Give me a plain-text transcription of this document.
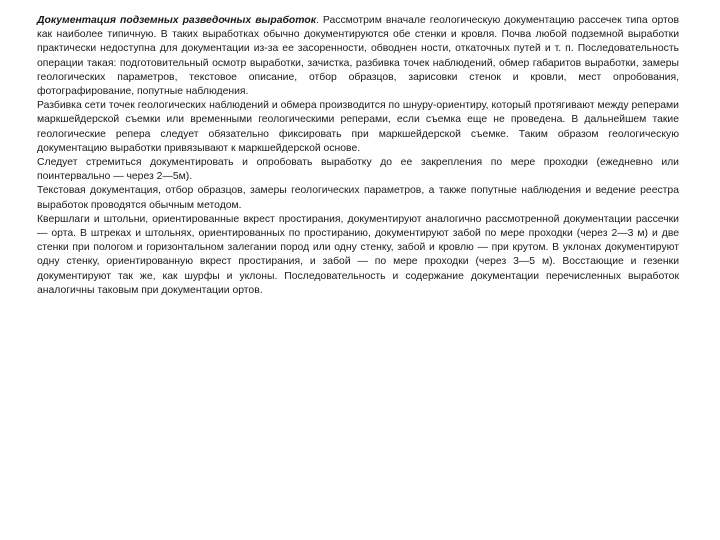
Документация подземных разведочных выработок. Рассмотрим вначале геологическую документацию рассечек типа ортов как наиболее типичную. В таких выработках обычно документируются обе стенки и кровля. Почва любой подземной выработки практически недоступна для документации из-за ее засоренности, обводнен ности, откаточных путей и т. п. Последовательность операции такая: подготовительный осмотр выработки, зачистка, разбивка точек наблюдений, обмер габаритов выработки, замеры геологических параметров, текстовое описание, отбор образцов, зарисовки стенок и кровли, мест опробования, фотографирование, попутные наблюдения.

Разбивка сети точек геологических наблюдений и обмера производится по шнуру-ориентиру, который протягивают между реперами маркшейдерской съемки или временными геологическими реперами, если съемка еще не проведена. В дальнейшем такие геологические репера следует обязательно фиксировать при маркшейдерской съемке. Таким образом геологическую документацию выработки привязывают к маркшейдерской основе.

Следует стремиться документировать и опробовать выработку до ее закрепления по мере проходки (ежедневно или поинтервально — через 2—5м).

Текстовая документация, отбор образцов, замеры геологических параметров, а также попутные наблюдения и ведение реестра выработок проводятся обычным методом.

Квершлаги и штольни, ориентированные вкрест простирания, документируют аналогично рассмотренной документации рассечки — орта. В штреках и штольнях, ориентированных по простиранию, документируют забой по мере проходки (через 2—3 м) и две стенки при пологом и горизонтальном залегании пород или одну стенку, забой и кровлю — при крутом. В уклонах документируют одну стенку, ориентированную вкрест простирания, и забой — по мере проходки (через 3—5 м). Восстающие и гезенки документируют так же, как шурфы и уклоны. Последовательность и содержание документации перечисленных выработок аналогичны таковым при документации ортов.
